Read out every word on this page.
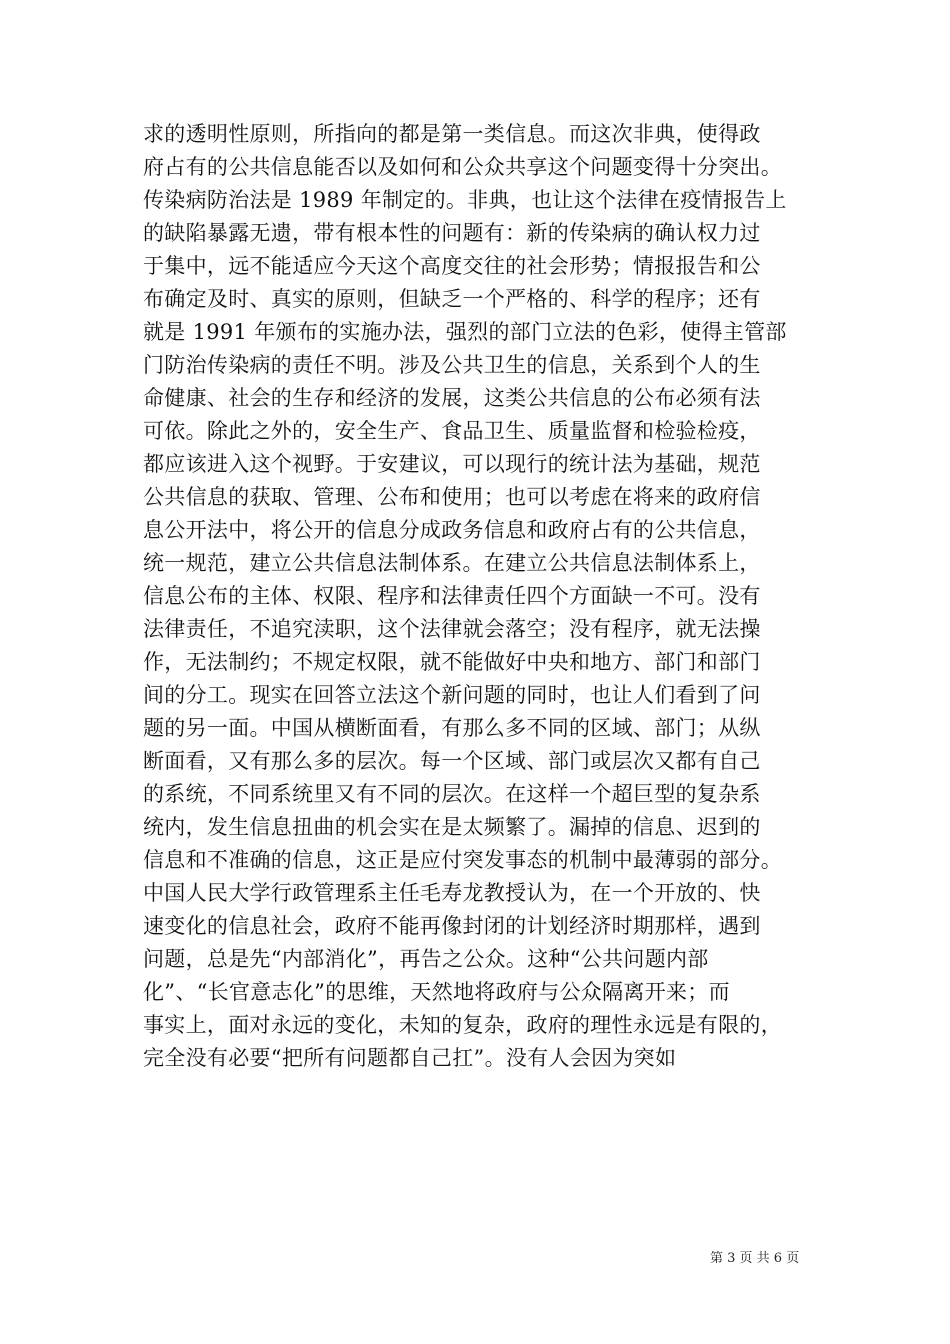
求的透明性原则，所指向的都是第一类信息。而这次非典，使得政
府占有的公共信息能否以及如何和公众共享这个问题变得十分突出。
传染病防治法是 1989 年制定的。非典，也让这个法律在疫情报告上
的缺陷暴露无遗，带有根本性的问题有：新的传染病的确认权力过
于集中，远不能适应今天这个高度交往的社会形势；情报报告和公
布确定及时、真实的原则，但缺乏一个严格的、科学的程序；还有
就是 1991 年颁布的实施办法，强烈的部门立法的色彩，使得主管部
门防治传染病的责任不明。涉及公共卫生的信息，关系到个人的生
命健康、社会的生存和经济的发展，这类公共信息的公布必须有法
可依。除此之外的，安全生产、食品卫生、质量监督和检验检疫，
都应该进入这个视野。于安建议，可以现行的统计法为基础，规范
公共信息的获取、管理、公布和使用；也可以考虑在将来的政府信
息公开法中，将公开的信息分成政务信息和政府占有的公共信息，
统一规范，建立公共信息法制体系。在建立公共信息法制体系上，
信息公布的主体、权限、程序和法律责任四个方面缺一不可。没有
法律责任，不追究渎职，这个法律就会落空；没有程序，就无法操
作，无法制约；不规定权限，就不能做好中央和地方、部门和部门
间的分工。现实在回答立法这个新问题的同时，也让人们看到了问
题的另一面。中国从横断面看，有那么多不同的区域、部门；从纵
断面看，又有那么多的层次。每一个区域、部门或层次又都有自己
的系统，不同系统里又有不同的层次。在这样一个超巨型的复杂系
统内，发生信息扭曲的机会实在是太频繁了。漏掉的信息、迟到的
信息和不准确的信息，这正是应付突发事态的机制中最薄弱的部分。
中国人民大学行政管理系主任毛寿龙教授认为，在一个开放的、快
速变化的信息社会，政府不能再像封闭的计划经济时期那样，遇到
问题，总是先“内部消化”，再告之公众。这种“公共问题内部
化”、“长官意志化”的思维，天然地将政府与公众隔离开来；而
事实上，面对永远的变化，未知的复杂，政府的理性永远是有限的，
完全没有必要“把所有问题都自己扛”。没有人会因为突如
第 3 页 共 6 页
